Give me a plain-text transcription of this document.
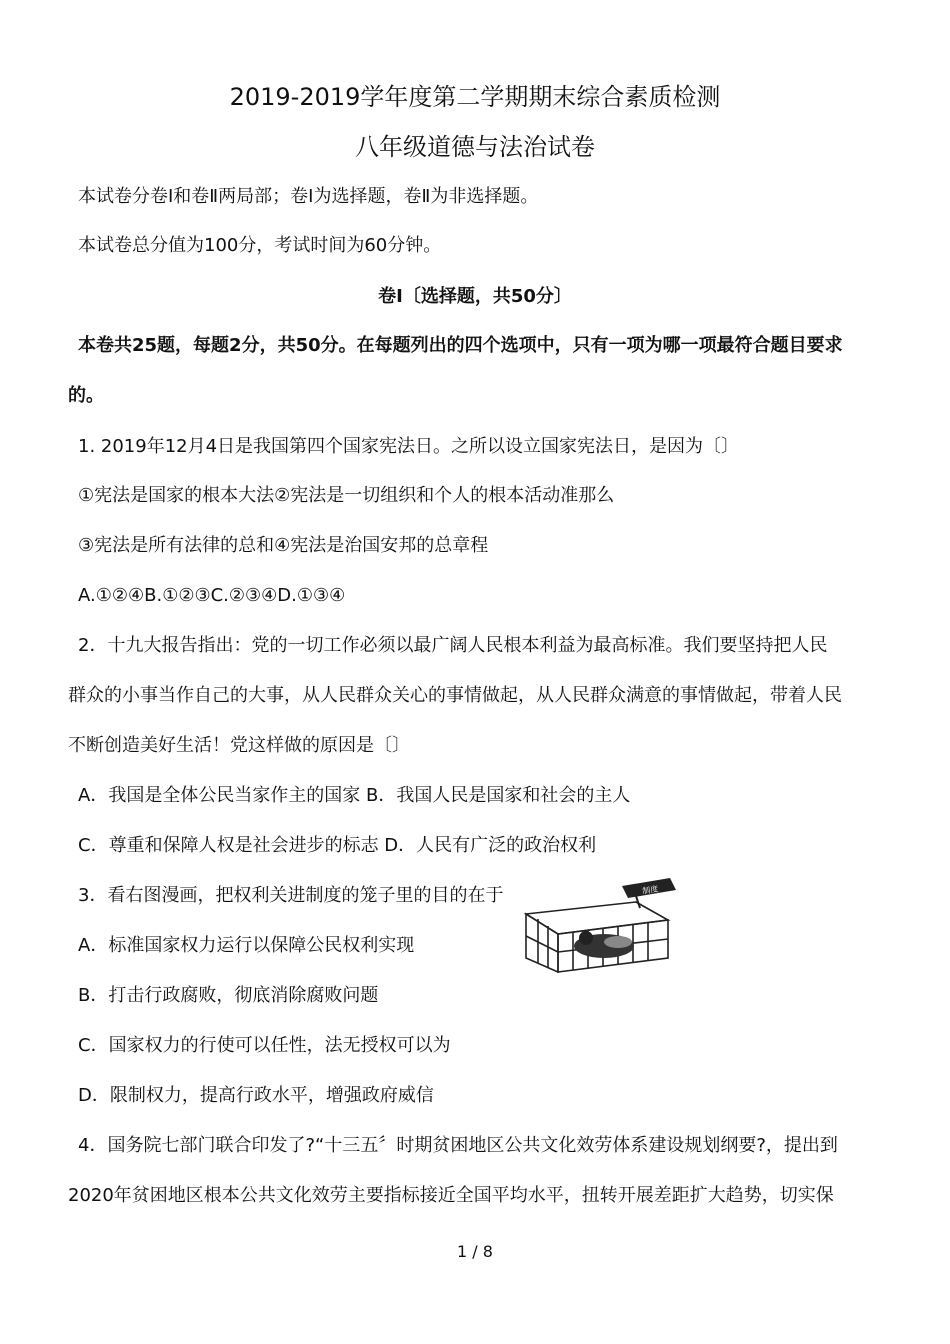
2019-2019学年度第二学期期末综合素质检测
八年级道德与法治试卷
本试卷分卷Ⅰ和卷Ⅱ两局部；卷Ⅰ为选择题，卷Ⅱ为非选择题。
本试卷总分值为100分，考试时间为60分钟。
卷Ⅰ〔选择题，共50分〕
本卷共25题，每题2分，共50分。在每题列出的四个选项中，只有一项为哪一项最符合题目要求
的。
1. 2019年12月4日是我国第四个国家宪法日。之所以设立国家宪法日，是因为〔〕
①宪法是国家的根本大法②宪法是一切组织和个人的根本活动准那么
③宪法是所有法律的总和④宪法是治国安邦的总章程
A.①②④B.①②③C.②③④D.①③④
2．十九大报告指出：党的一切工作必须以最广阔人民根本利益为最高标准。我们要坚持把人民
群众的小事当作自己的大事，从人民群众关心的事情做起，从人民群众满意的事情做起，带着人民
不断创造美好生活！党这样做的原因是〔〕
A．我国是全体公民当家作主的国家 B．我国人民是国家和社会的主人
C．尊重和保障人权是社会进步的标志 D．人民有广泛的政治权利
3．看右图漫画，把权利关进制度的笼子里的目的在于
A．标准国家权力运行以保障公民权利实现
B．打击行政腐败，彻底消除腐败问题
C．国家权力的行使可以任性，法无授权可以为
D．限制权力，提高行政水平，增强政府威信
制度
4．国务院七部门联合印发了?“十三五〞时期贫困地区公共文化效劳体系建设规划纲要?，提出到
2020年贫困地区根本公共文化效劳主要指标接近全国平均水平，扭转开展差距扩大趋势，切实保
1 / 8
